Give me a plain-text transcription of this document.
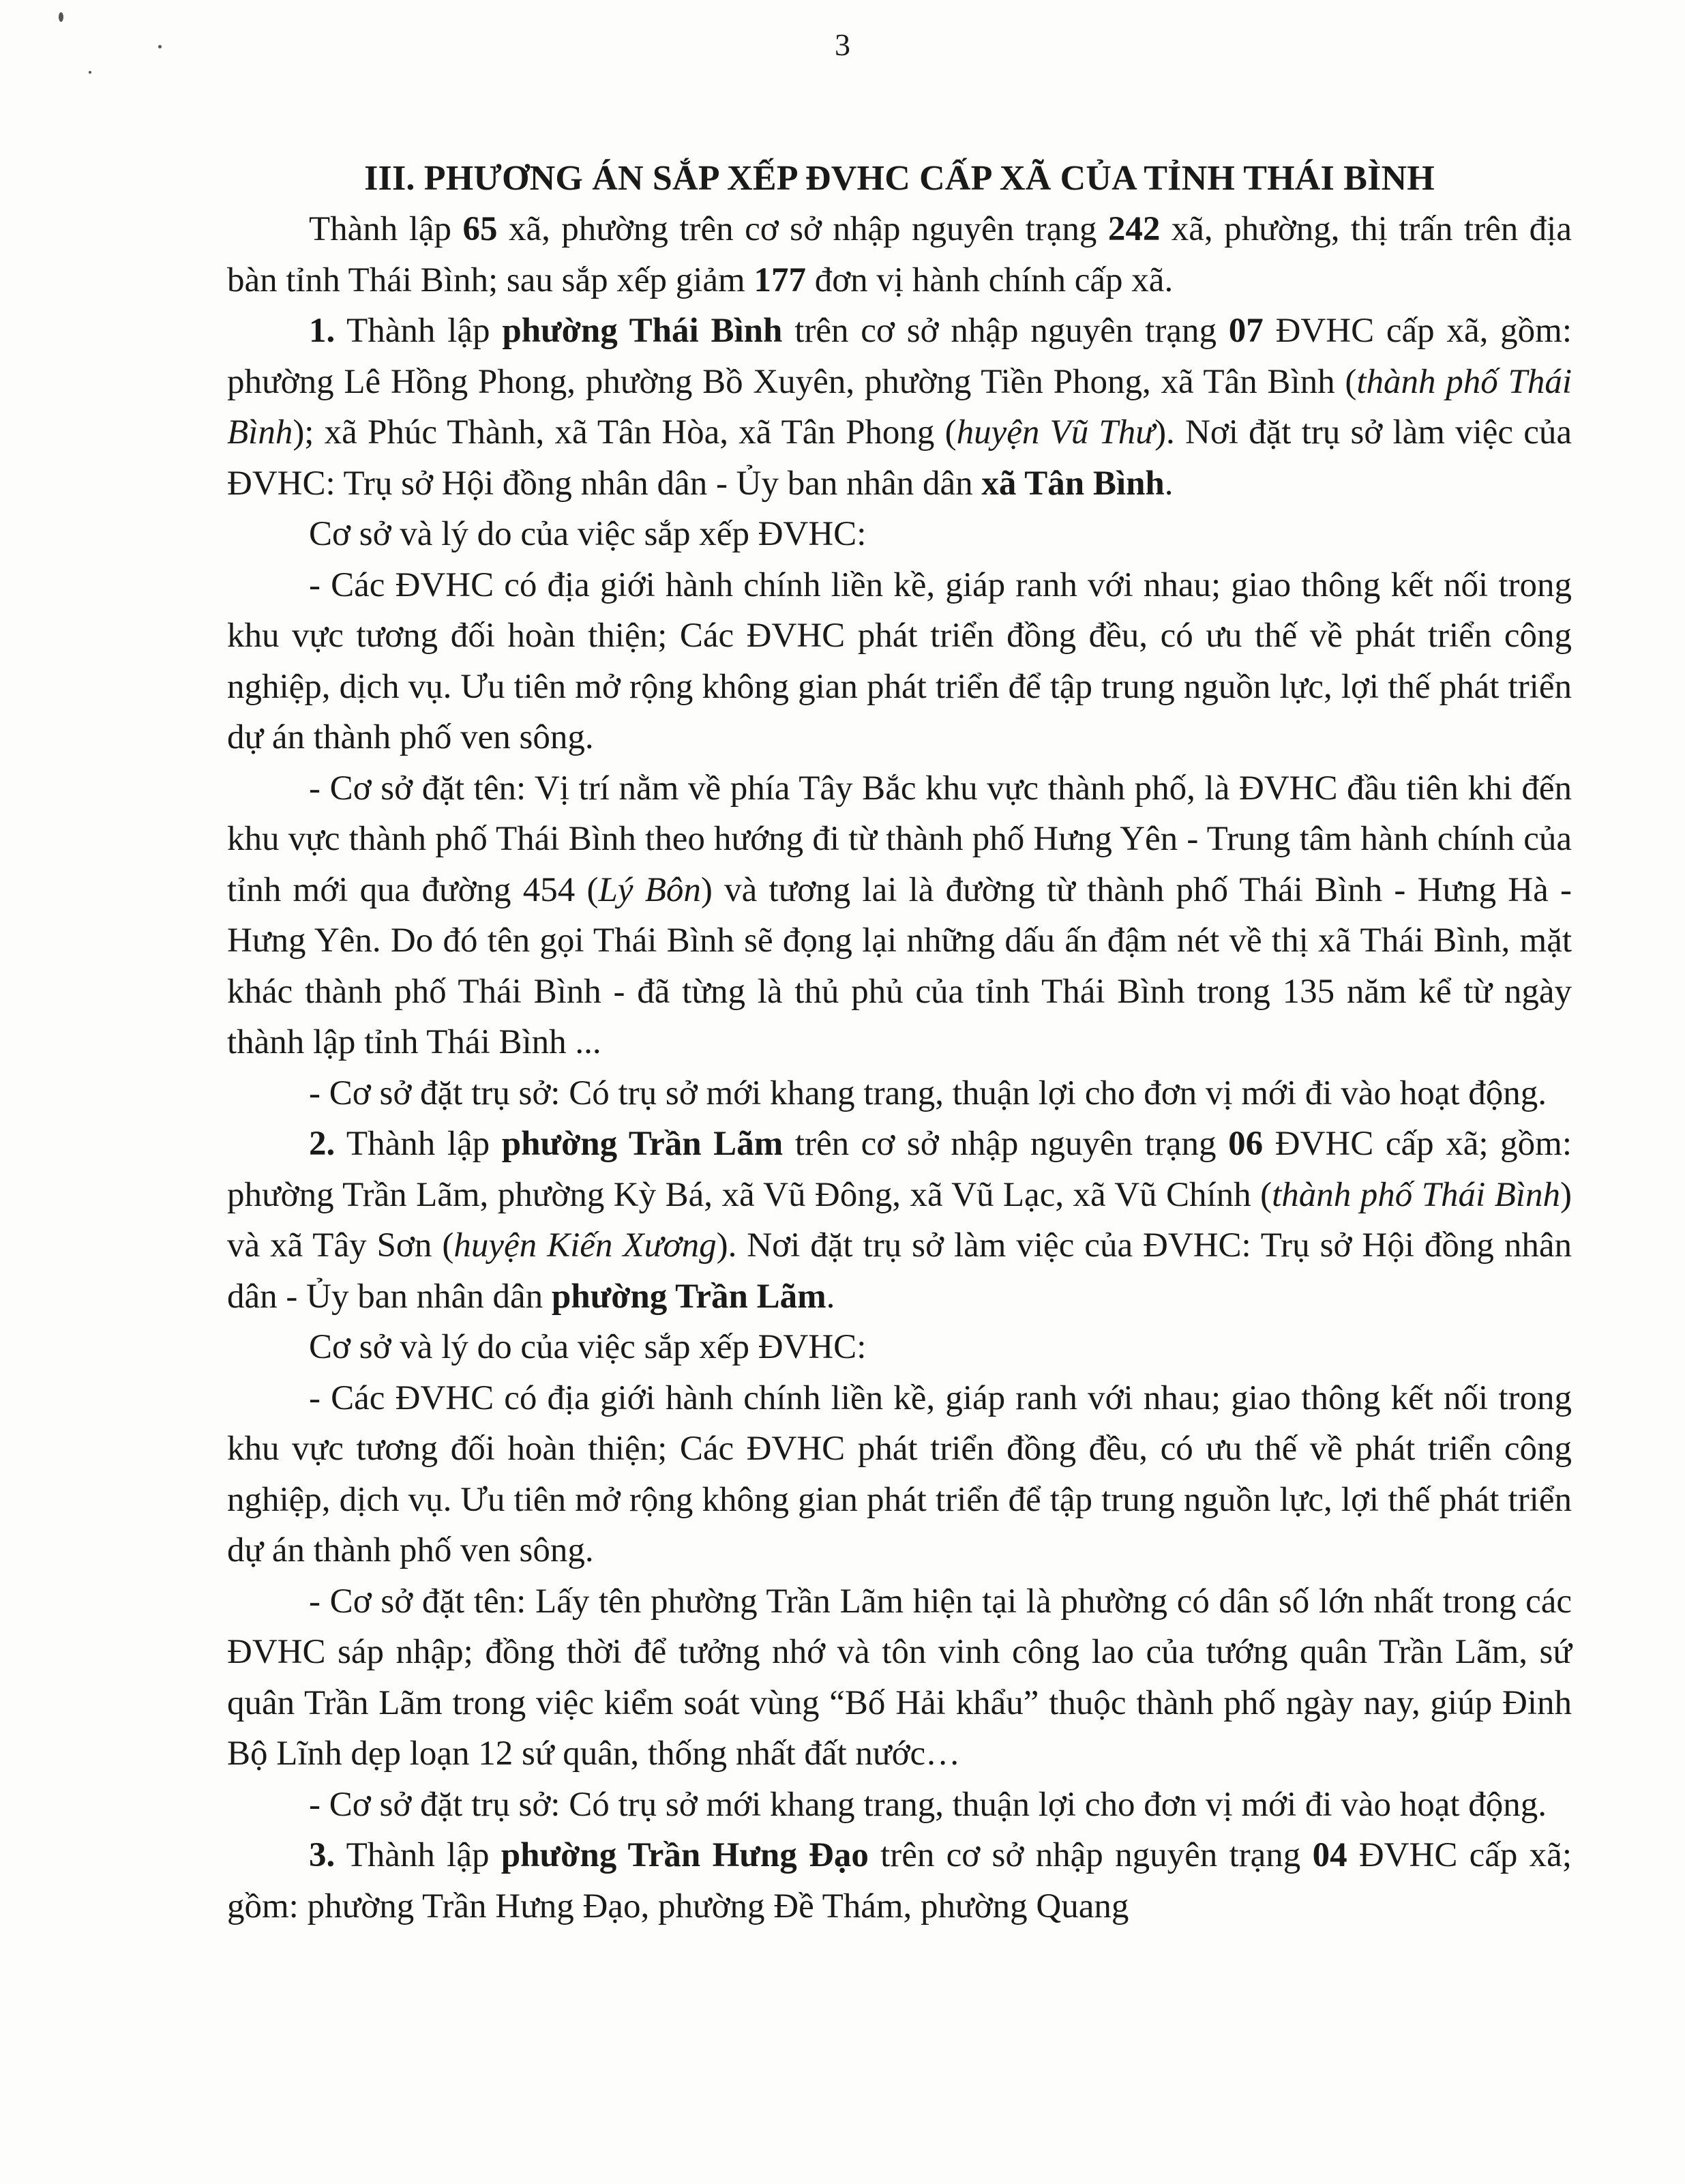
3
III. PHƯƠNG ÁN SẮP XẾP ĐVHC CẤP XÃ CỦA TỈNH THÁI BÌNH

Thành lập 65 xã, phường trên cơ sở nhập nguyên trạng 242 xã, phường, thị trấn trên địa bàn tỉnh Thái Bình; sau sắp xếp giảm 177 đơn vị hành chính cấp xã.

1. Thành lập phường Thái Bình trên cơ sở nhập nguyên trạng 07 ĐVHC cấp xã, gồm: phường Lê Hồng Phong, phường Bồ Xuyên, phường Tiền Phong, xã Tân Bình (thành phố Thái Bình); xã Phúc Thành, xã Tân Hòa, xã Tân Phong (huyện Vũ Thư). Nơi đặt trụ sở làm việc của ĐVHC: Trụ sở Hội đồng nhân dân - Ủy ban nhân dân xã Tân Bình.

Cơ sở và lý do của việc sắp xếp ĐVHC:

- Các ĐVHC có địa giới hành chính liền kề, giáp ranh với nhau; giao thông kết nối trong khu vực tương đối hoàn thiện; Các ĐVHC phát triển đồng đều, có ưu thế về phát triển công nghiệp, dịch vụ. Ưu tiên mở rộng không gian phát triển để tập trung nguồn lực, lợi thế phát triển dự án thành phố ven sông.

- Cơ sở đặt tên: Vị trí nằm về phía Tây Bắc khu vực thành phố, là ĐVHC đầu tiên khi đến khu vực thành phố Thái Bình theo hướng đi từ thành phố Hưng Yên - Trung tâm hành chính của tỉnh mới qua đường 454 (Lý Bôn) và tương lai là đường từ thành phố Thái Bình - Hưng Hà - Hưng Yên. Do đó tên gọi Thái Bình sẽ đọng lại những dấu ấn đậm nét về thị xã Thái Bình, mặt khác thành phố Thái Bình - đã từng là thủ phủ của tỉnh Thái Bình trong 135 năm kể từ ngày thành lập tỉnh Thái Bình ...

- Cơ sở đặt trụ sở: Có trụ sở mới khang trang, thuận lợi cho đơn vị mới đi vào hoạt động.

2. Thành lập phường Trần Lãm trên cơ sở nhập nguyên trạng 06 ĐVHC cấp xã; gồm: phường Trần Lãm, phường Kỳ Bá, xã Vũ Đông, xã Vũ Lạc, xã Vũ Chính (thành phố Thái Bình) và xã Tây Sơn (huyện Kiến Xương). Nơi đặt trụ sở làm việc của ĐVHC: Trụ sở Hội đồng nhân dân - Ủy ban nhân dân phường Trần Lãm.

Cơ sở và lý do của việc sắp xếp ĐVHC:

- Các ĐVHC có địa giới hành chính liền kề, giáp ranh với nhau; giao thông kết nối trong khu vực tương đối hoàn thiện; Các ĐVHC phát triển đồng đều, có ưu thế về phát triển công nghiệp, dịch vụ. Ưu tiên mở rộng không gian phát triển để tập trung nguồn lực, lợi thế phát triển dự án thành phố ven sông.

- Cơ sở đặt tên: Lấy tên phường Trần Lãm hiện tại là phường có dân số lớn nhất trong các ĐVHC sáp nhập; đồng thời để tưởng nhớ và tôn vinh công lao của tướng quân Trần Lãm, sứ quân Trần Lãm trong việc kiểm soát vùng “Bố Hải khẩu” thuộc thành phố ngày nay, giúp Đinh Bộ Lĩnh dẹp loạn 12 sứ quân, thống nhất đất nước…

- Cơ sở đặt trụ sở: Có trụ sở mới khang trang, thuận lợi cho đơn vị mới đi vào hoạt động.

3. Thành lập phường Trần Hưng Đạo trên cơ sở nhập nguyên trạng 04 ĐVHC cấp xã; gồm: phường Trần Hưng Đạo, phường Đề Thám, phường Quang
